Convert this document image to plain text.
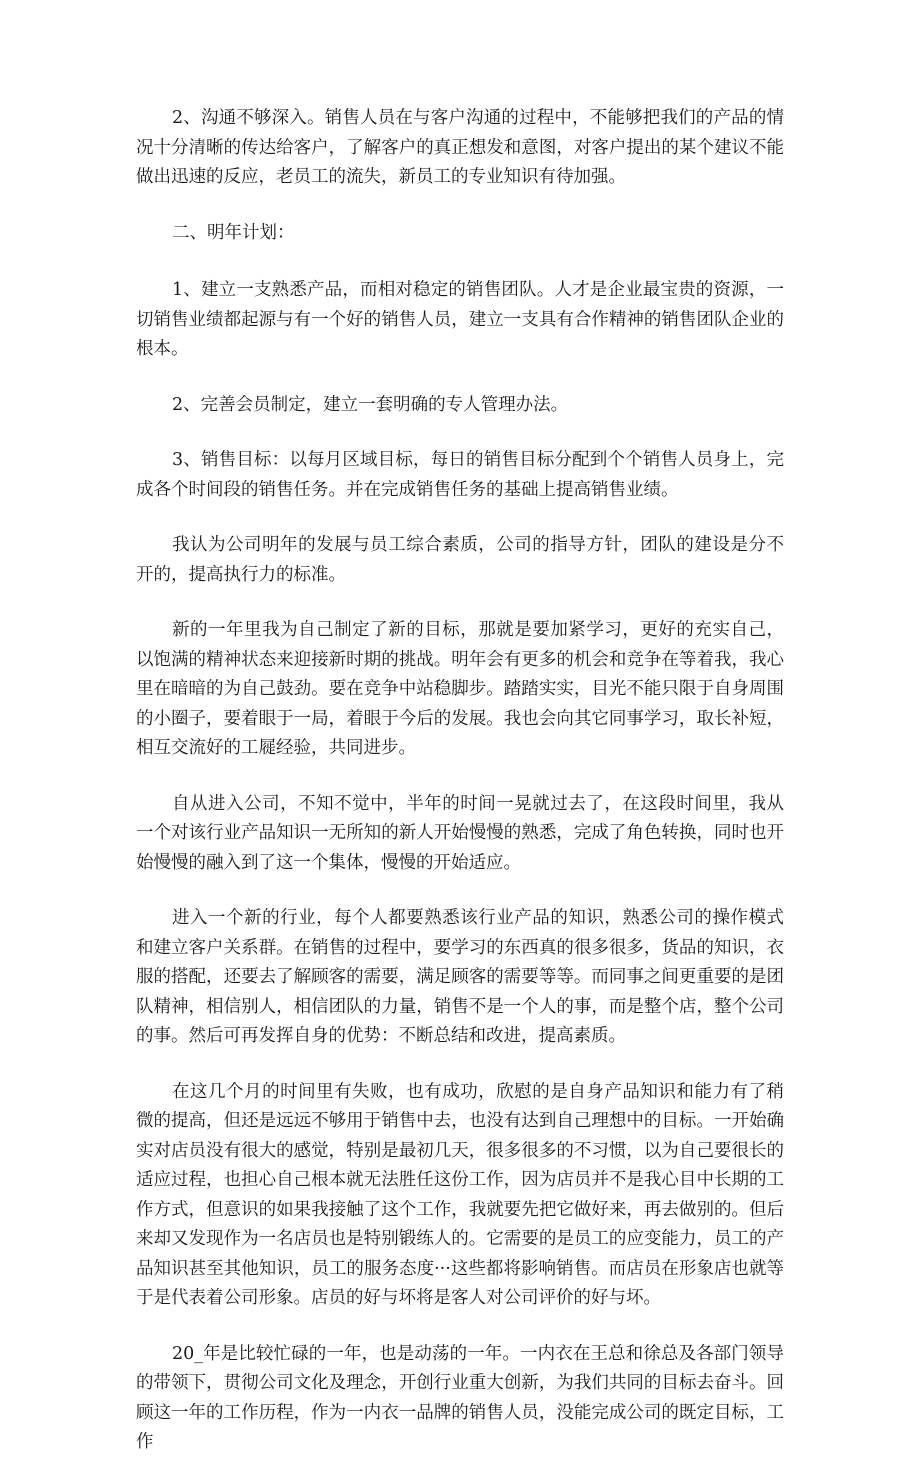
2、沟通不够深入。销售人员在与客户沟通的过程中，不能够把我们的产品的情况十分清晰的传达给客户，了解客户的真正想发和意图，对客户提出的某个建议不能做出迅速的反应，老员工的流失，新员工的专业知识有待加强。

二、明年计划：

1、建立一支熟悉产品，而相对稳定的销售团队。人才是企业最宝贵的资源，一切销售业绩都起源与有一个好的销售人员，建立一支具有合作精神的销售团队企业的根本。

2、完善会员制定，建立一套明确的专人管理办法。

3、销售目标：以每月区域目标，每日的销售目标分配到个个销售人员身上，完成各个时间段的销售任务。并在完成销售任务的基础上提高销售业绩。

我认为公司明年的发展与员工综合素质，公司的指导方针，团队的建设是分不开的，提高执行力的标准。

新的一年里我为自己制定了新的目标，那就是要加紧学习，更好的充实自己，以饱满的精神状态来迎接新时期的挑战。明年会有更多的机会和竞争在等着我，我心里在暗暗的为自己鼓劲。要在竞争中站稳脚步。踏踏实实，目光不能只限于自身周围的小圈子，要着眼于一局，着眼于今后的发展。我也会向其它同事学习，取长补短，相互交流好的工屣经验，共同进步。

自从进入公司，不知不觉中，半年的时间一晃就过去了，在这段时间里，我从一个对该行业产品知识一无所知的新人开始慢慢的熟悉，完成了角色转换，同时也开始慢慢的融入到了这一个集体，慢慢的开始适应。

进入一个新的行业，每个人都要熟悉该行业产品的知识，熟悉公司的操作模式和建立客户关系群。在销售的过程中，要学习的东西真的很多很多，货品的知识，衣服的搭配，还要去了解顾客的需要，满足顾客的需要等等。而同事之间更重要的是团队精神，相信别人，相信团队的力量，销售不是一个人的事，而是整个店，整个公司的事。然后可再发挥自身的优势：不断总结和改进，提高素质。

在这几个月的时间里有失败，也有成功，欣慰的是自身产品知识和能力有了稍微的提高，但还是远远不够用于销售中去，也没有达到自己理想中的目标。一开始确实对店员没有很大的感觉，特别是最初几天，很多很多的不习惯，以为自己要很长的适应过程，也担心自己根本就无法胜任这份工作，因为店员并不是我心目中长期的工作方式，但意识的如果我接触了这个工作，我就要先把它做好来，再去做别的。但后来却又发现作为一名店员也是特别锻练人的。它需要的是员工的应变能力，员工的产品知识甚至其他知识，员工的服务态度···这些都将影响销售。而店员在形象店也就等于是代表着公司形象。店员的好与坏将是客人对公司评价的好与坏。

20_年是比较忙碌的一年，也是动荡的一年。一内衣在王总和徐总及各部门领导的带领下，贯彻公司文化及理念，开创行业重大创新，为我们共同的目标去奋斗。回顾这一年的工作历程，作为一内衣一品牌的销售人员，没能完成公司的既定目标，工作
